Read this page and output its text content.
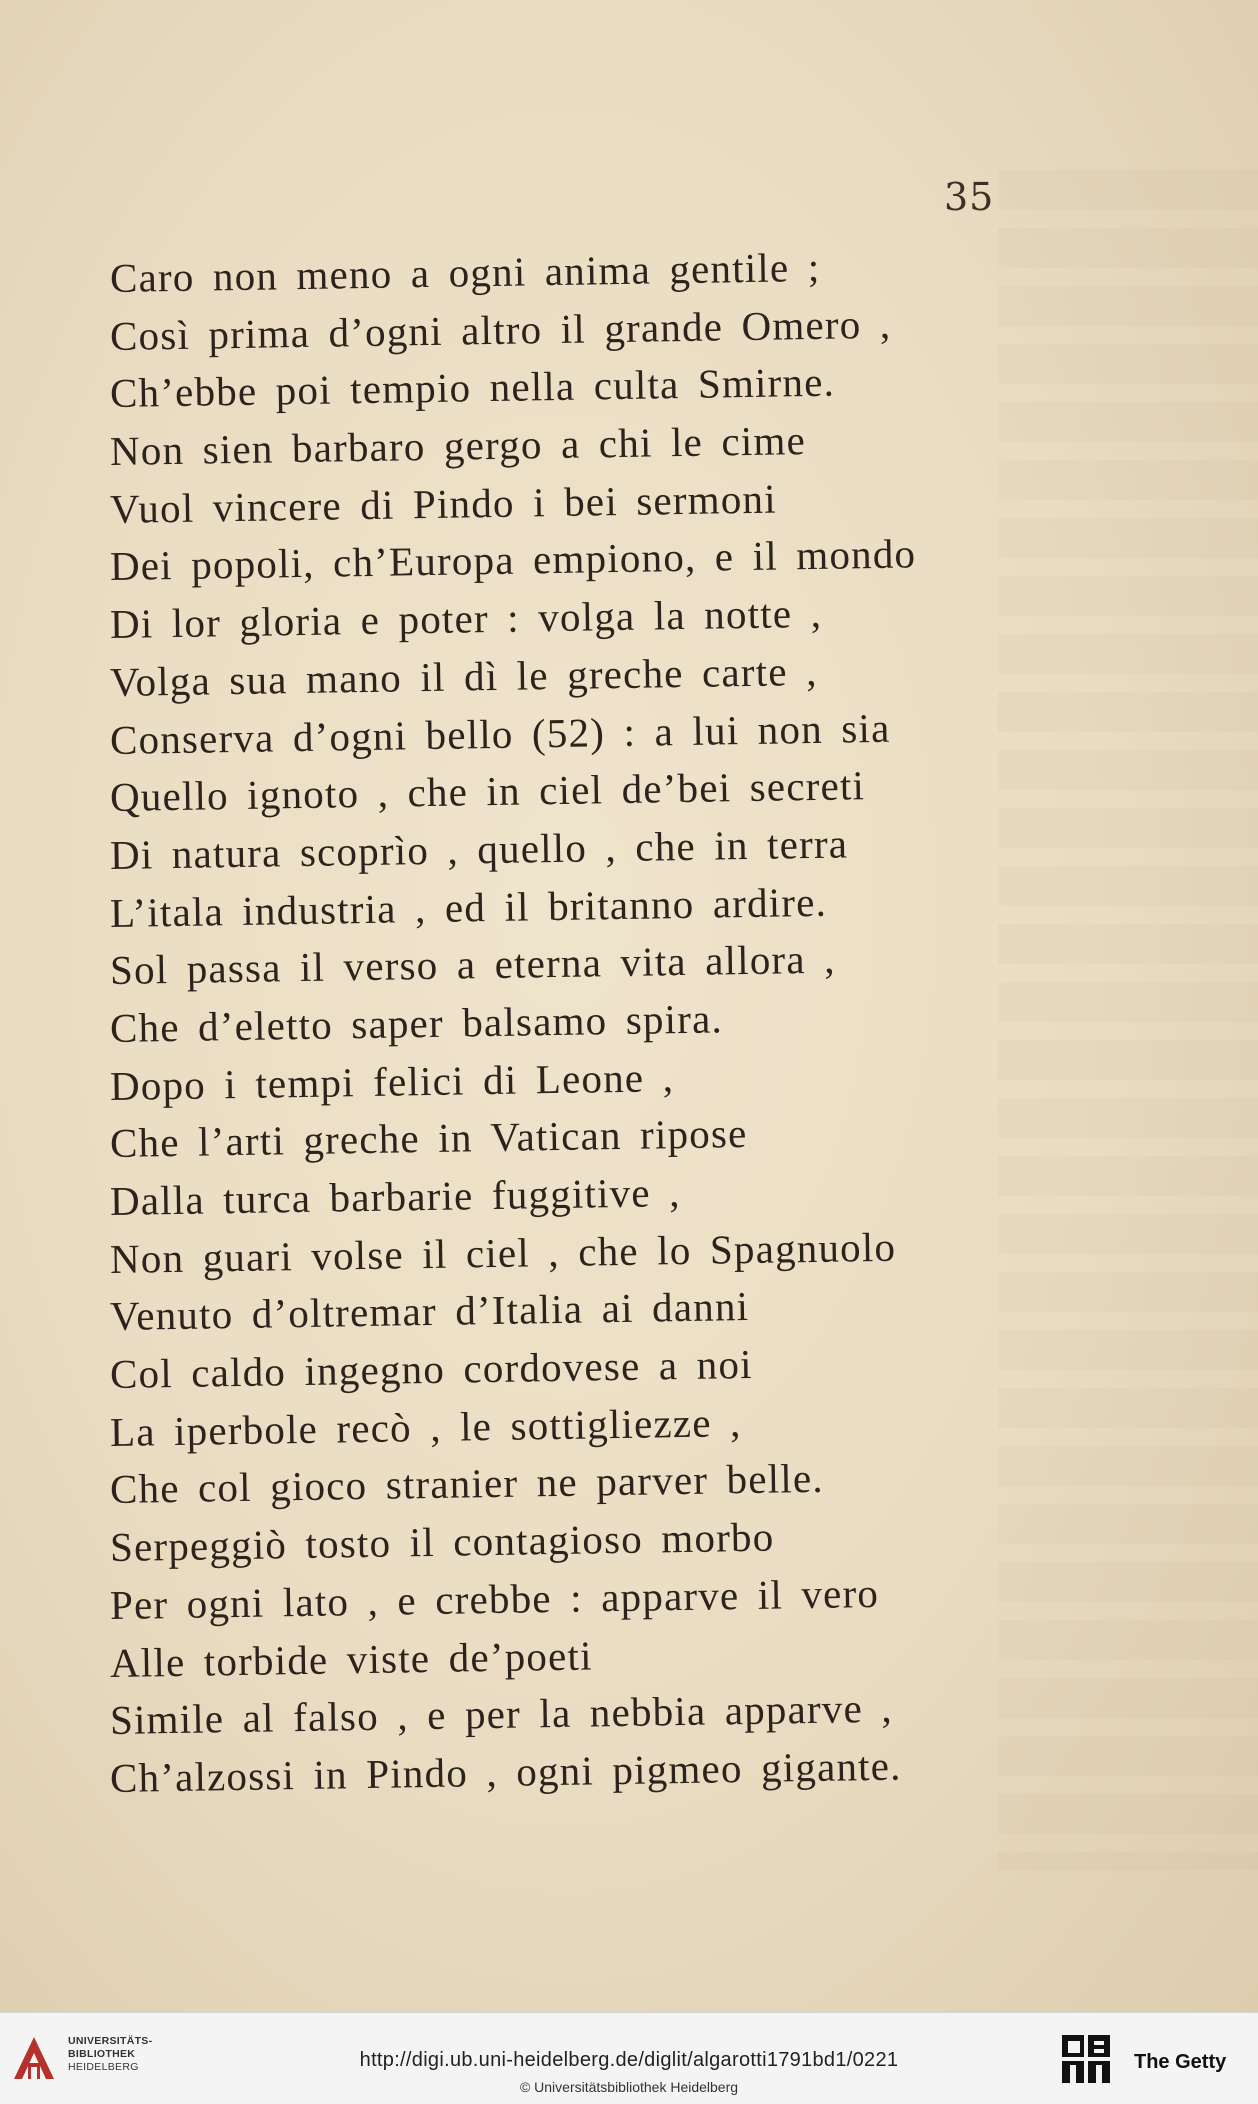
35
Caro non meno a ogni anima gentile ;
Così prima d’ogni altro il grande Omero ,
Ch’ebbe poi tempio nella culta Smirne.
Non sien barbaro gergo a chi le cime
Vuol vincere di Pindo i bei sermoni
Dei popoli, ch’Europa empiono, e il mondo
Di lor gloria e poter : volga la notte ,
Volga sua mano il dì le greche carte ,
Conserva d’ogni bello (52) : a lui non sia
Quello ignoto , che in ciel de’bei secreti
Di natura scoprìo , quello , che in terra
L’itala industria , ed il britanno ardire.
Sol passa il verso a eterna vita allora ,
Che d’eletto saper balsamo spira.
Dopo i tempi felici di Leone ,
Che l’arti greche in Vatican ripose
Dalla turca barbarie fuggitive ,
Non guari volse il ciel , che lo Spagnuolo
Venuto d’oltremar d’Italia ai danni
Col caldo ingegno cordovese a noi
La iperbole recò , le sottigliezze ,
Che col gioco stranier ne parver belle.
Serpeggiò tosto il contagioso morbo
Per ogni lato , e crebbe : apparve il vero
Alle torbide viste de’poeti
Simile al falso , e per la nebbia apparve ,
Ch’alzossi in Pindo , ogni pigmeo gigante.
UNIVERSITÄTS-
BIBLIOTHEK
HEIDELBERG	http://digi.ub.uni-heidelberg.de/diglit/algarotti1791bd1/0221
© Universitätsbibliothek Heidelberg
The Getty
